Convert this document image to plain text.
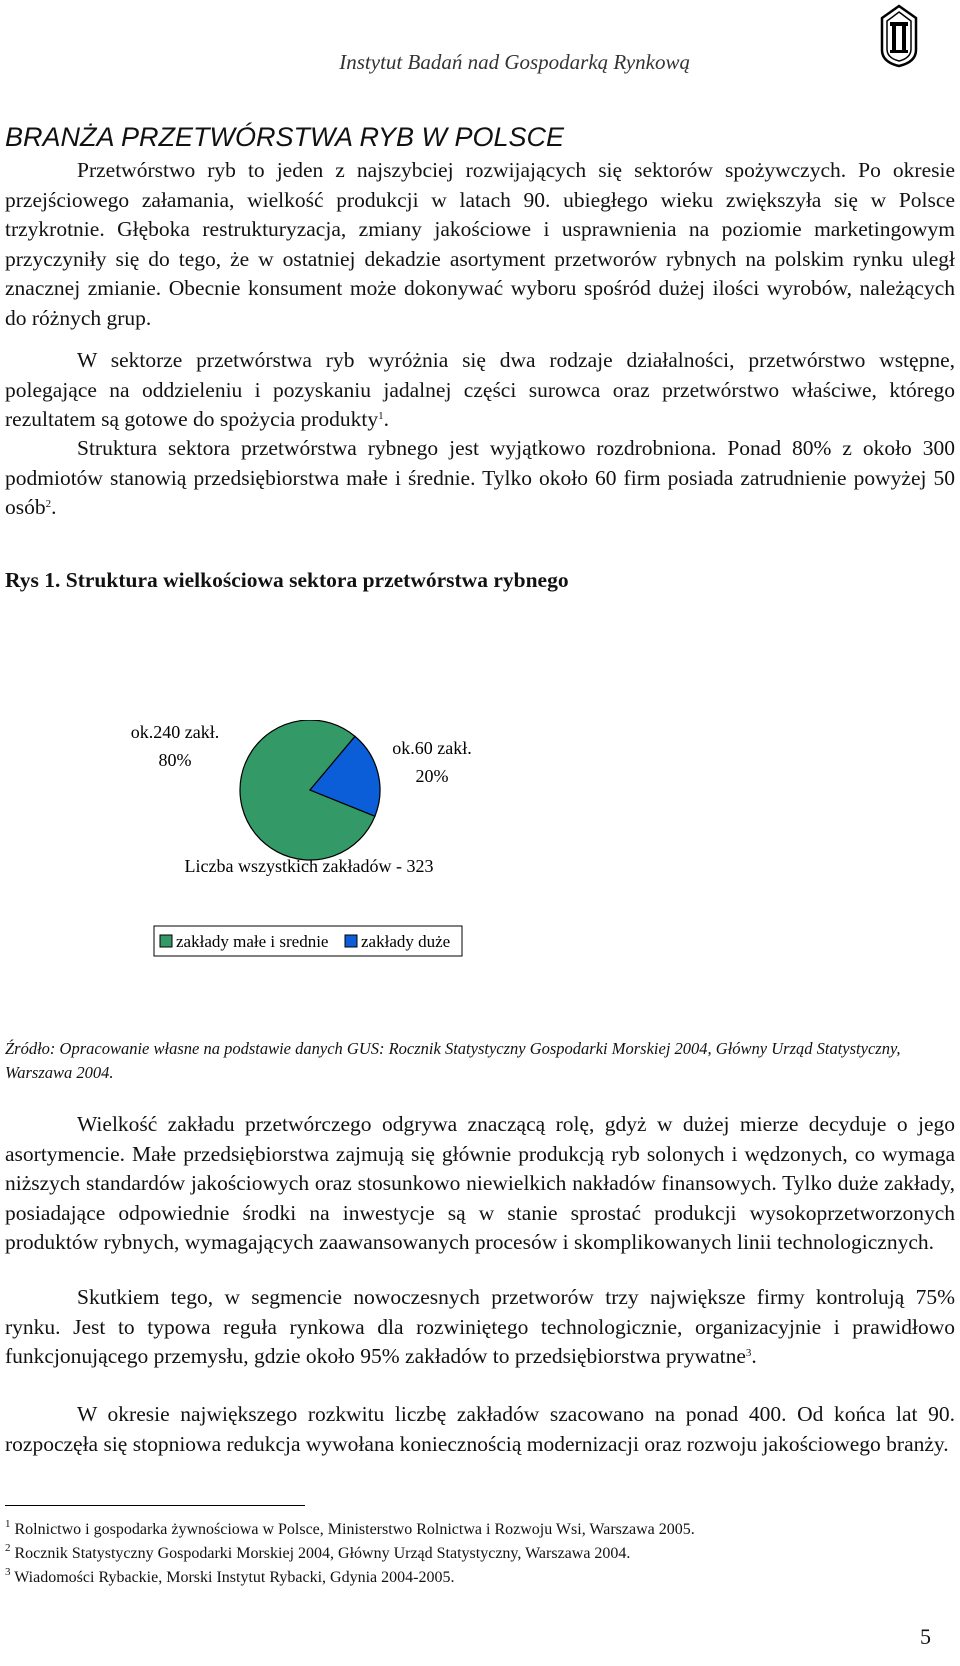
Instytut Badań nad Gospodarką Rynkową
BRANŻA PRZETWÓRSTWA RYB W POLSCE

Przetwórstwo ryb to jeden z najszybciej rozwijających się sektorów spożywczych. Po okresie przejściowego załamania, wielkość produkcji w latach 90. ubiegłego wieku zwiększyła się w Polsce trzykrotnie. Głęboka restrukturyzacja, zmiany jakościowe i usprawnienia na poziomie marketingowym przyczyniły się do tego, że w ostatniej dekadzie asortyment przetworów rybnych na polskim rynku uległ znacznej zmianie. Obecnie konsument może dokonywać wyboru spośród dużej ilości wyrobów, należących do różnych grup.

W sektorze przetwórstwa ryb wyróżnia się dwa rodzaje działalności, przetwórstwo wstępne, polegające na oddzieleniu i pozyskaniu jadalnej części surowca oraz przetwórstwo właściwe, którego rezultatem są gotowe do spożycia produkty$^1$.

Struktura sektora przetwórstwa rybnego jest wyjątkowo rozdrobniona. Ponad 80% z około 300 podmiotów stanowią przedsiębiorstwa małe i średnie. Tylko około 60 firm posiada zatrudnienie powyżej 50 osób$^2$.

Rys 1. Struktura wielkościowa sektora przetwórstwa rybnego

ok.240 zakł.
80%
ok.60 zakł.
20%
Liczba wszystkich zakładów - 323
zakłady małe i srednie zakłady duże

Źródło: Opracowanie własne na podstawie danych GUS: Rocznik Statystyczny Gospodarki Morskiej 2004, Główny Urząd Statystyczny, Warszawa 2004.

Wielkość zakładu przetwórczego odgrywa znaczącą rolę, gdyż w dużej mierze decyduje o jego asortymencie. Małe przedsiębiorstwa zajmują się głównie produkcją ryb solonych i wędzonych, co wymaga niższych standardów jakościowych oraz stosunkowo niewielkich nakładów finansowych. Tylko duże zakłady, posiadające odpowiednie środki na inwestycje są w stanie sprostać produkcji wysokoprzetworzonych produktów rybnych, wymagających zaawansowanych procesów i skomplikowanych linii technologicznych.

Skutkiem tego, w segmencie nowoczesnych przetworów trzy największe firmy kontrolują 75% rynku. Jest to typowa reguła rynkowa dla rozwiniętego technologicznie, organizacyjnie i prawidłowo funkcjonującego przemysłu, gdzie około 95% zakładów to przedsiębiorstwa prywatne$^3$.

W okresie największego rozkwitu liczbę zakładów szacowano na ponad 400. Od końca lat 90. rozpoczęła się stopniowa redukcja wywołana koniecznością modernizacji oraz rozwoju jakościowego branży.

$^1$ Rolnictwo i gospodarka żywnościowa w Polsce, Ministerstwo Rolnictwa i Rozwoju Wsi, Warszawa 2005.
$^2$ Rocznik Statystyczny Gospodarki Morskiej 2004, Główny Urząd Statystyczny, Warszawa 2004.
$^3$ Wiadomości Rybackie, Morski Instytut Rybacki, Gdynia 2004-2005.
5
